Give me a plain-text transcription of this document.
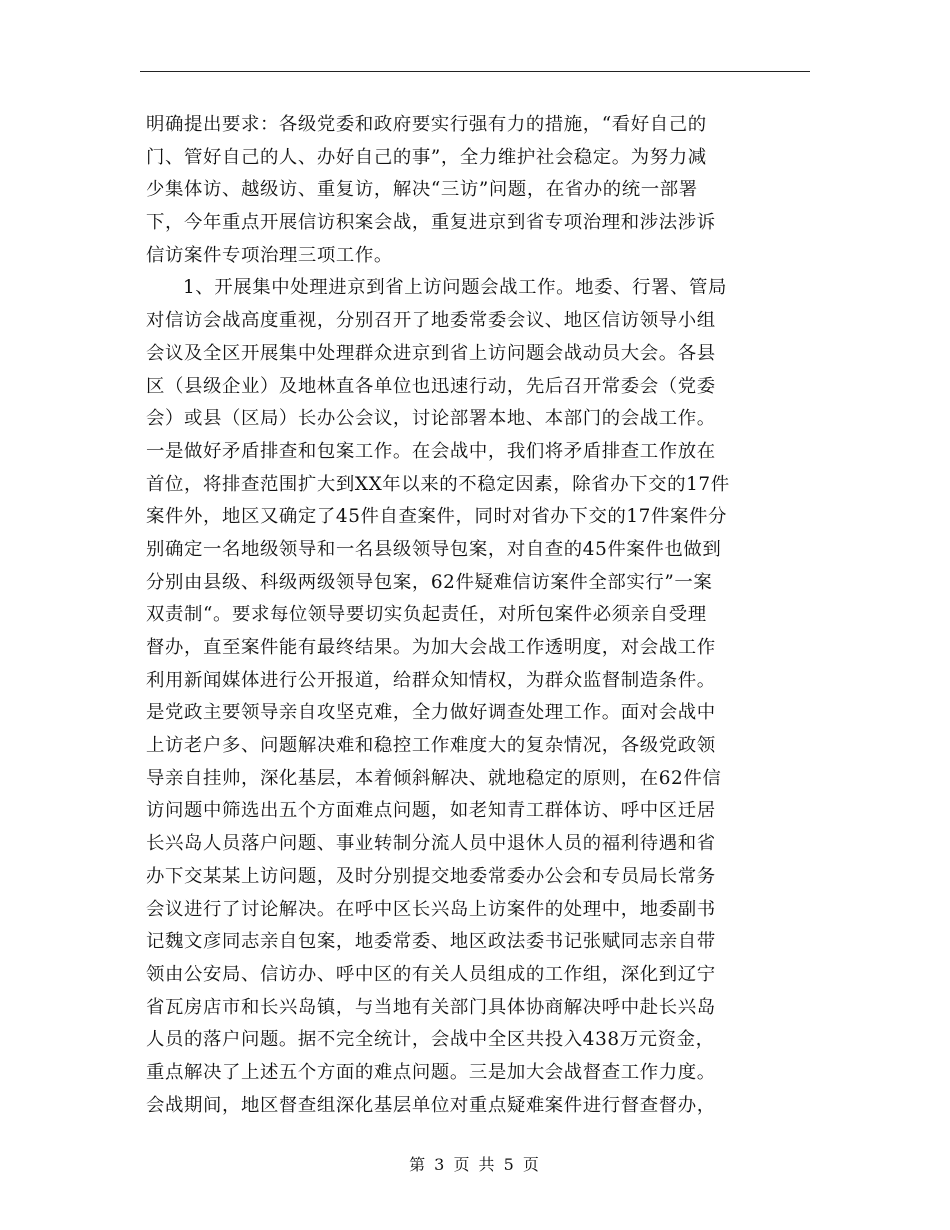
明确提出要求：各级党委和政府要实行强有力的措施，“看好自己的
门、管好自己的人、办好自己的事”，全力维护社会稳定。为努力减
少集体访、越级访、重复访，解决“三访”问题，在省办的统一部署
下，今年重点开展信访积案会战，重复进京到省专项治理和涉法涉诉
信访案件专项治理三项工作。
1、开展集中处理进京到省上访问题会战工作。地委、行署、管局
对信访会战高度重视，分别召开了地委常委会议、地区信访领导小组
会议及全区开展集中处理群众进京到省上访问题会战动员大会。各县
区（县级企业）及地林直各单位也迅速行动，先后召开常委会（党委
会）或县（区局）长办公会议，讨论部署本地、本部门的会战工作。
一是做好矛盾排查和包案工作。在会战中，我们将矛盾排查工作放在
首位，将排查范围扩大到XX年以来的不稳定因素，除省办下交的17件
案件外，地区又确定了45件自查案件，同时对省办下交的17件案件分
别确定一名地级领导和一名县级领导包案，对自查的45件案件也做到
分别由县级、科级两级领导包案，62件疑难信访案件全部实行”一案
双责制“。要求每位领导要切实负起责任，对所包案件必须亲自受理
督办，直至案件能有最终结果。为加大会战工作透明度，对会战工作
利用新闻媒体进行公开报道，给群众知情权，为群众监督制造条件。
是党政主要领导亲自攻坚克难，全力做好调查处理工作。面对会战中
上访老户多、问题解决难和稳控工作难度大的复杂情况，各级党政领
导亲自挂帅，深化基层，本着倾斜解决、就地稳定的原则，在62件信
访问题中筛选出五个方面难点问题，如老知青工群体访、呼中区迁居
长兴岛人员落户问题、事业转制分流人员中退休人员的福利待遇和省
办下交某某上访问题，及时分别提交地委常委办公会和专员局长常务
会议进行了讨论解决。在呼中区长兴岛上访案件的处理中，地委副书
记魏文彦同志亲自包案，地委常委、地区政法委书记张赋同志亲自带
领由公安局、信访办、呼中区的有关人员组成的工作组，深化到辽宁
省瓦房店市和长兴岛镇，与当地有关部门具体协商解决呼中赴长兴岛
人员的落户问题。据不完全统计，会战中全区共投入438万元资金，
重点解决了上述五个方面的难点问题。三是加大会战督查工作力度。
会战期间，地区督查组深化基层单位对重点疑难案件进行督查督办，
第 3 页 共 5 页
